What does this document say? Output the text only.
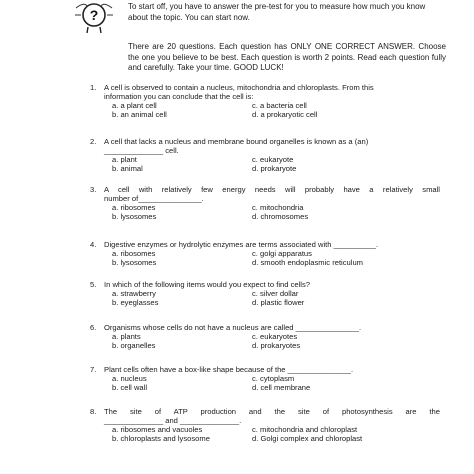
?

To start off, you have to answer the pre-test for you to measure how much you know about the topic. You can start now.

There are 20 questions. Each question has ONLY ONE CORRECT ANSWER. Choose the one you believe to be best. Each question is worth 2 points. Read each question fully and carefully. Take your time. GOOD LUCK!

1.	A cell is observed to contain a nucleus, mitochondria and chloroplasts. From this
information you can conclude that the cell is:
a. a plant cell	c. a bacteria cell
b. an animal cell	d. a prokaryotic cell
2.	A cell that lacks a nucleus and membrane bound organelles is known as a (an)
______________ cell.
a. plant	c. eukaryote
b. animal	d. prokaryote
3.	A cell with relatively few energy needs will probably have a relatively small
number of_______________.
a. ribosomes	c. mitochondria
b. lysosomes	d. chromosomes
4.	Digestive enzymes or hydrolytic enzymes are terms associated with __________.
a. ribosomes	c. golgi apparatus
b. lysosomes	d. smooth endoplasmic reticulum
5.	In which of the following items would you expect to find cells?
a. strawberry	c. silver dollar
b. eyeglasses	d. plastic flower
6.	Organisms whose cells do not have a nucleus are called _______________.
a. plants	c. eukaryotes
b. organelles	d. prokaryotes
7.	Plant cells often have a box-like shape because of the _______________.
a. nucleus	c. cytoplasm
b. cell wall	d. cell membrane
8.	The site of ATP production and the site of photosynthesis are the
______________ and ______________.
a. ribosomes and vacuoles	c. mitochondria and chloroplast
b. chloroplasts and lysosome	d. Golgi complex and chloroplast
